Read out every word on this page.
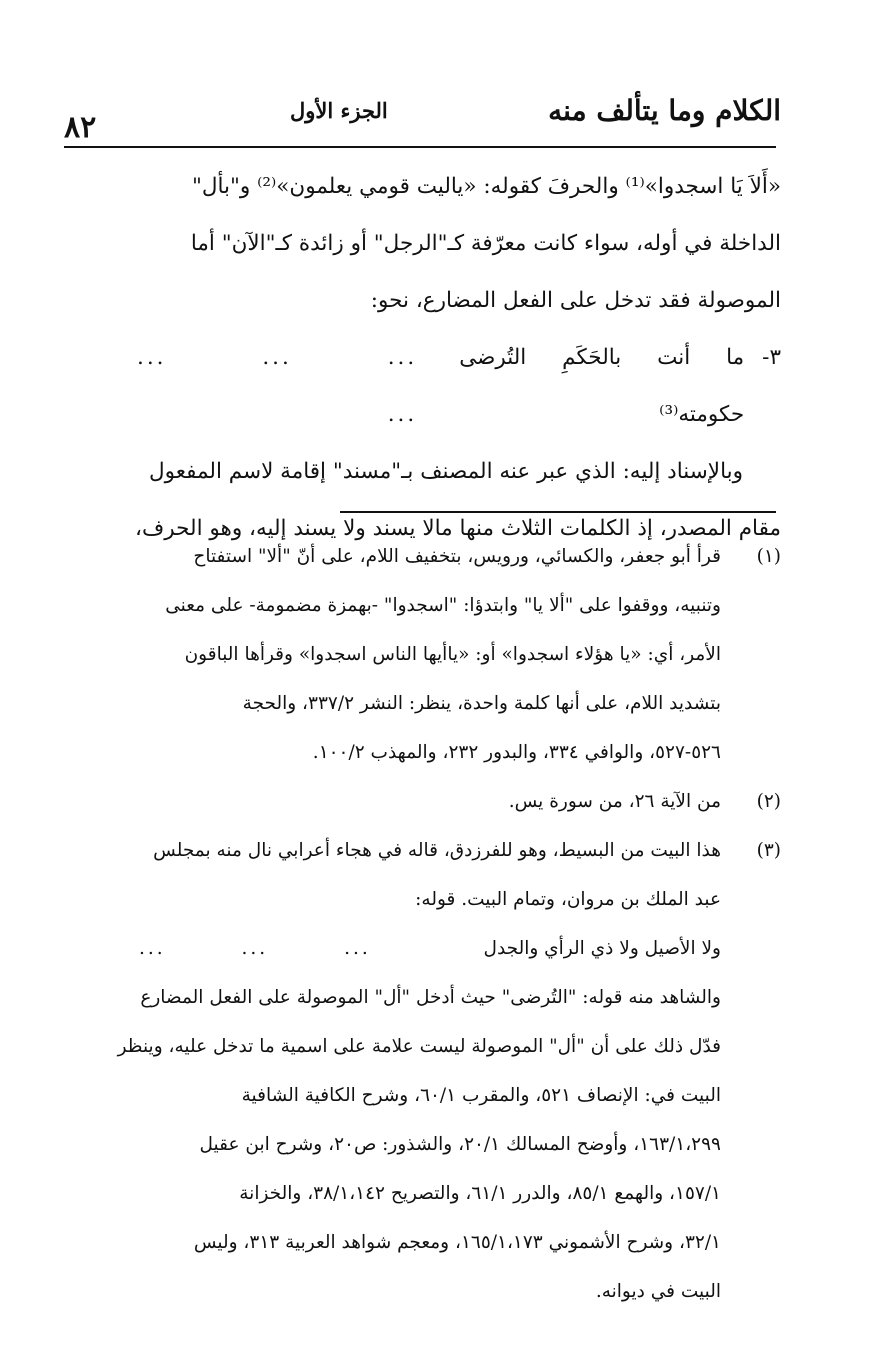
الكلام وما يتألف منه
الجزء الأول
٨٢

«أَلاَ يَا اسجدوا»⁽¹⁾ والحرفَ كقوله: «ياليت قومي يعلمون»⁽²⁾ و"بأل"

الداخلة في أوله، سواء كانت معرّفة كـ"الرجل" أو زائدة كـ"الآن" أما

الموصولة فقد تدخل على الفعل المضارع، نحو:

٣-
ما أنت بالحَكَمِ التُرضى حكومته⁽³⁾
... ... ... ...

وبالإسناد إليه: الذي عبر عنه المصنف بـ"مسند" إقامة لاسم المفعول

مقام المصدر، إذ الكلمات الثلاث منها مالا يسند ولا يسند إليه، وهو الحرف،

(١)

قرأ أبو جعفر، والكسائي، ورويس، بتخفيف اللام، على أنّ "ألا" استفتاح

وتنبيه، ووقفوا على "ألا يا" وابتدؤا: "اسجدوا" -بهمزة مضمومة- على معنى

الأمر، أي: «يا هؤلاء اسجدوا» أو: «ياأيها الناس اسجدوا» وقرأها الباقون

بتشديد اللام، على أنها كلمة واحدة، ينظر: النشر ٣٣٧/٢، والحجة

٥٢٦-٥٢٧، والوافي ٣٣٤، والبدور ٢٣٢، والمهذب ١٠٠/٢.

(٢)

من الآية ٢٦، من سورة يس.

(٣)

هذا البيت من البسيط، وهو للفرزدق، قاله في هجاء أعرابي نال منه بمجلس

عبد الملك بن مروان، وتمام البيت. قوله:

ولا الأصيل ولا ذي الرأي والجدل
... ... ...

والشاهد منه قوله: "التُرضى" حيث أدخل "أل" الموصولة على الفعل المضارع

فدّل ذلك على أن "أل" الموصولة ليست علامة على اسمية ما تدخل عليه، وينظر

البيت في: الإنصاف ٥٢١، والمقرب ٦٠/١، وشرح الكافية الشافية

١٦٣/١،٢٩٩، وأوضح المسالك ٢٠/١، والشذور: ص٢٠، وشرح ابن عقيل

١٥٧/١، والهمع ٨٥/١، والدرر ٦١/١، والتصريح ٣٨/١،١٤٢، والخزانة

٣٢/١، وشرح الأشموني ١٦٥/١،١٧٣، ومعجم شواهد العربية ٣١٣، وليس

البيت في ديوانه.
